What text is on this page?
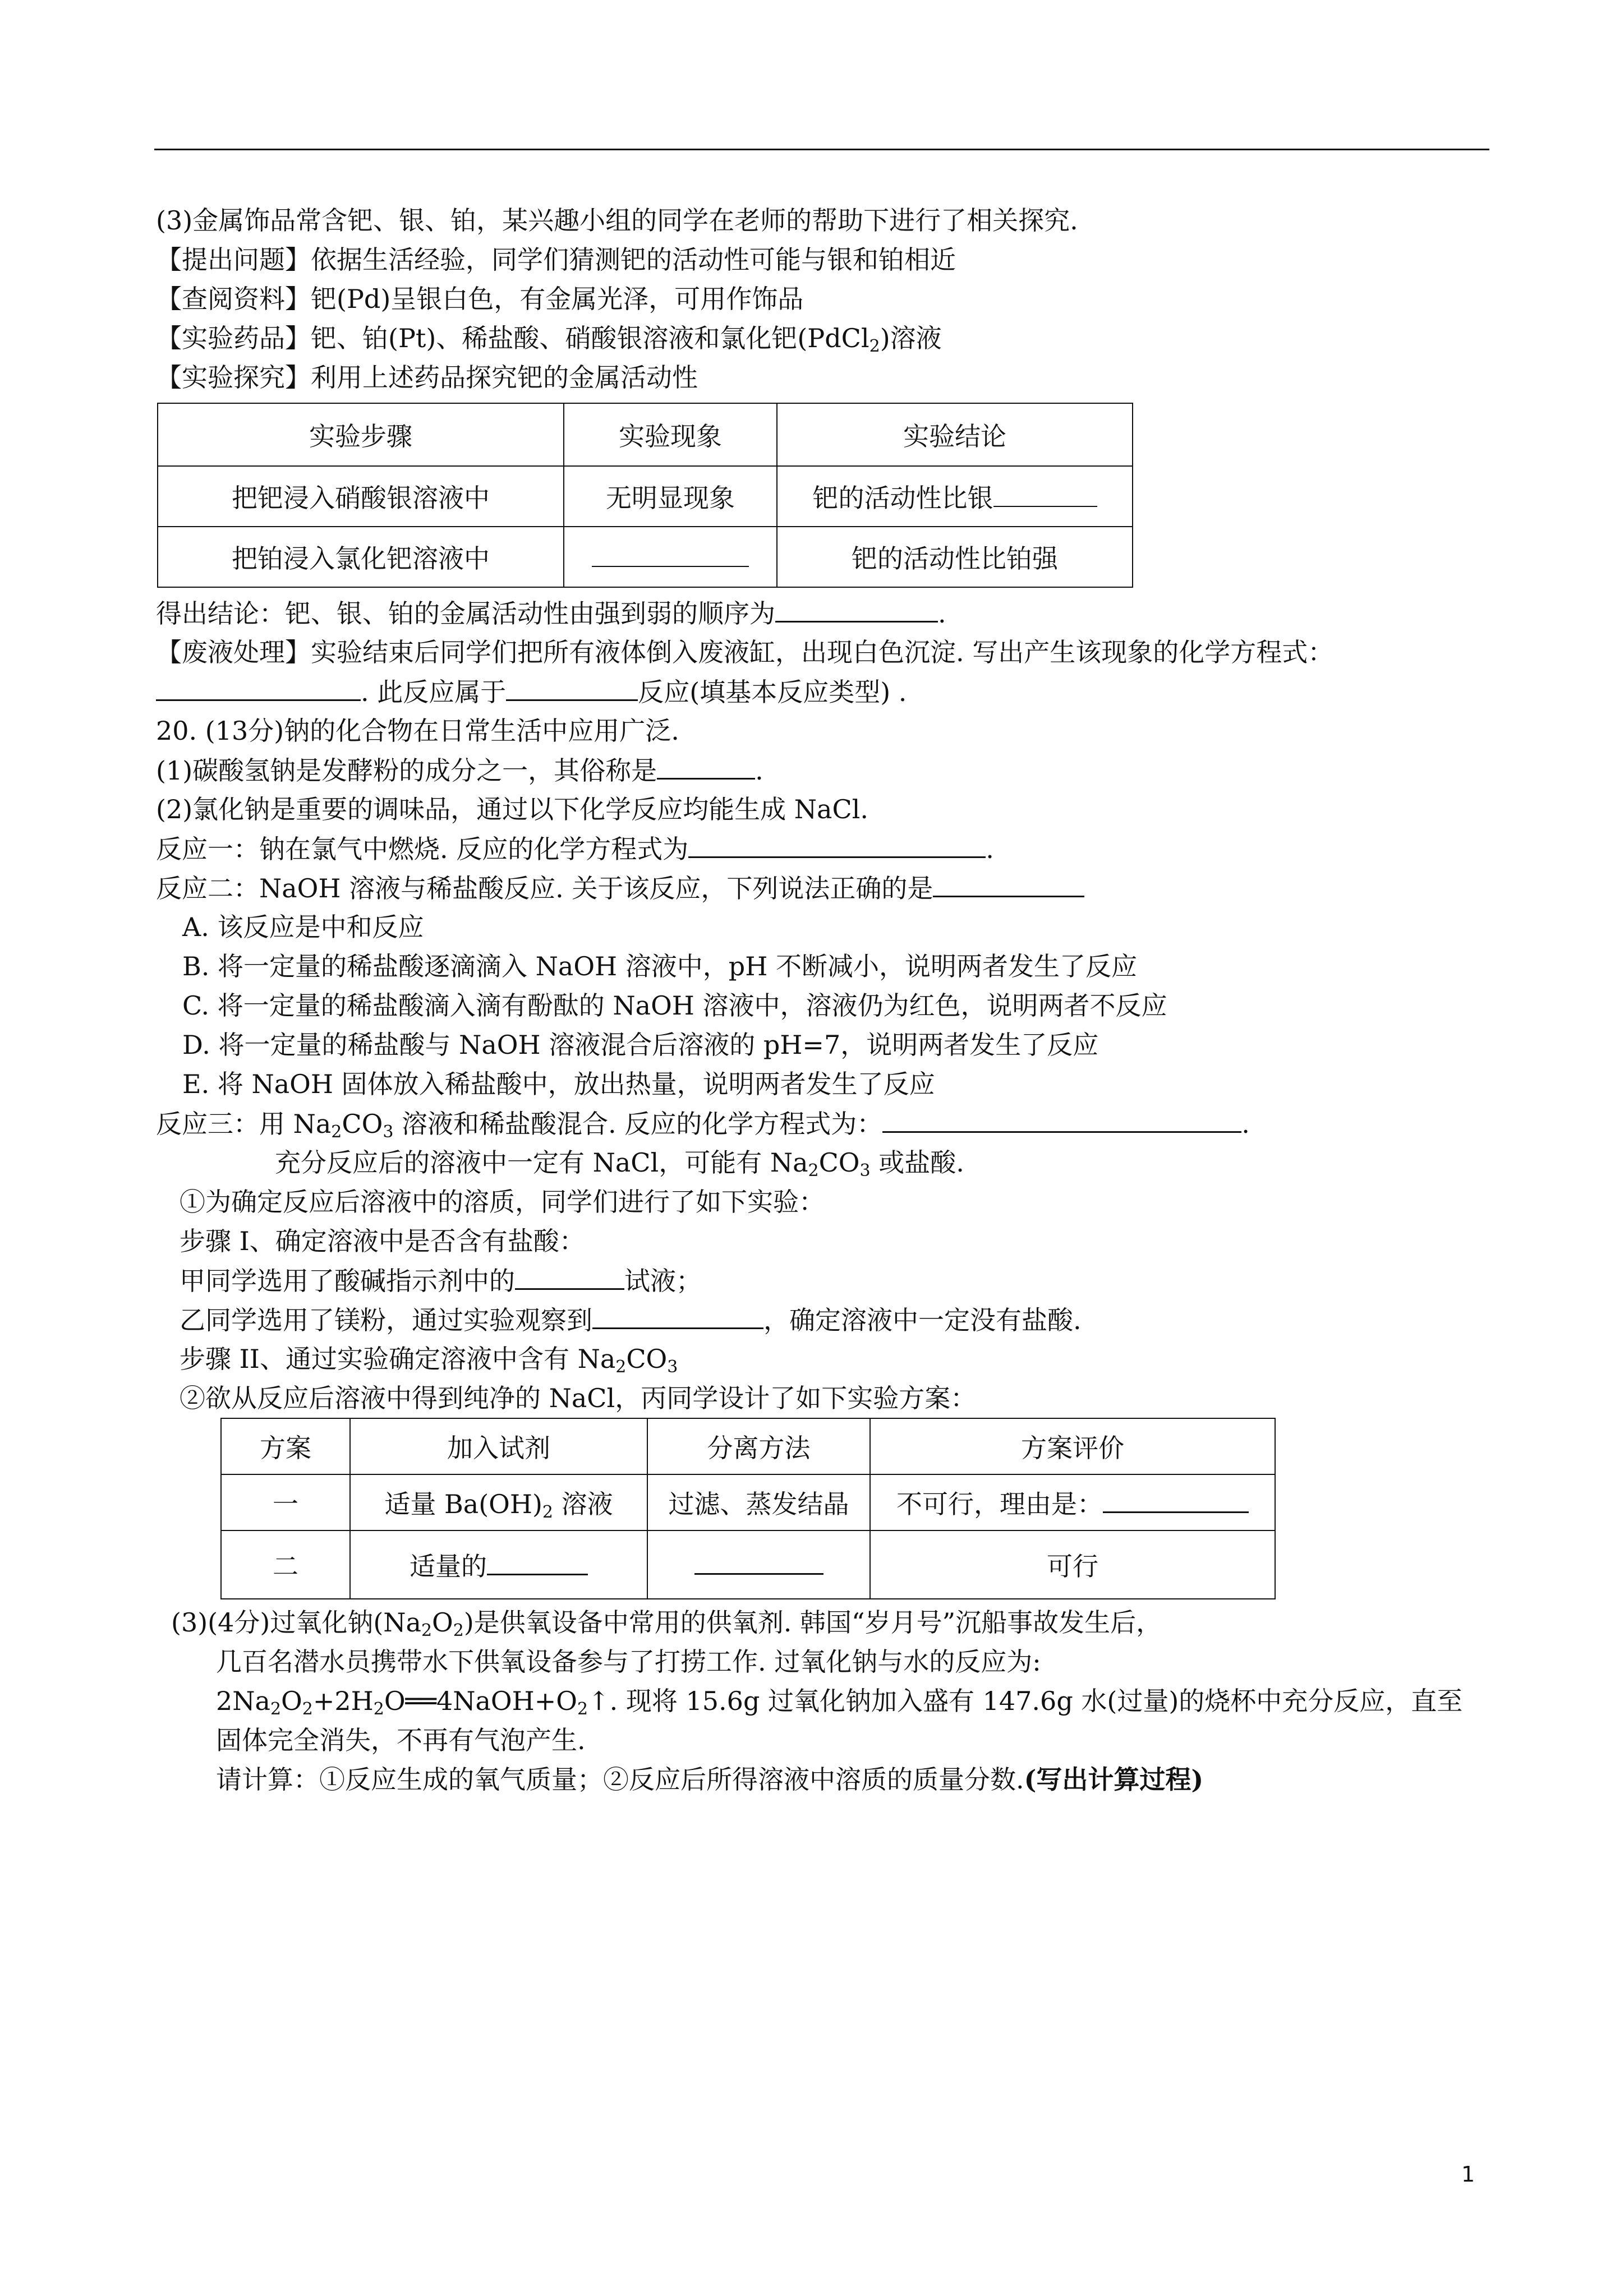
(3)金属饰品常含钯、银、铂，某兴趣小组的同学在老师的帮助下进行了相关探究.
【提出问题】依据生活经验，同学们猜测钯的活动性可能与银和铂相近
【查阅资料】钯(Pd)呈银白色，有金属光泽，可用作饰品
【实验药品】钯、铂(Pt)、稀盐酸、硝酸银溶液和氯化钯(PdCl$_2$)溶液
【实验探究】利用上述药品探究钯的金属活动性
实验步骤	实验现象	实验结论
把钯浸入硝酸银溶液中	无明显现象	钯的活动性比银
把铂浸入氯化钯溶液中		钯的活动性比铂强
得出结论：钯、银、铂的金属活动性由强到弱的顺序为	.
【废液处理】实验结束后同学们把所有液体倒入废液缸，出现白色沉淀. 写出产生该现象的化学方程式：
. 此反应属于	反应(填基本反应类型) .
20. (13分)钠的化合物在日常生活中应用广泛.
(1)碳酸氢钠是发酵粉的成分之一，其俗称是	.
(2)氯化钠是重要的调味品，通过以下化学反应均能生成 NaCl.
反应一：钠在氯气中燃烧. 反应的化学方程式为	.
反应二：NaOH 溶液与稀盐酸反应. 关于该反应，下列说法正确的是
A. 该反应是中和反应
B. 将一定量的稀盐酸逐滴滴入 NaOH 溶液中，pH 不断减小，说明两者发生了反应
C. 将一定量的稀盐酸滴入滴有酚酞的 NaOH 溶液中，溶液仍为红色，说明两者不反应
D. 将一定量的稀盐酸与 NaOH 溶液混合后溶液的 pH=7，说明两者发生了反应
E. 将 NaOH 固体放入稀盐酸中，放出热量，说明两者发生了反应
反应三：用 $Na_2CO_3$ 溶液和稀盐酸混合. 反应的化学方程式为：	.
充分反应后的溶液中一定有 NaCl，可能有 $Na_2CO_3$ 或盐酸.
①为确定反应后溶液中的溶质，同学们进行了如下实验：
步骤 I、确定溶液中是否含有盐酸：
甲同学选用了酸碱指示剂中的	试液；
乙同学选用了镁粉，通过实验观察到	，确定溶液中一定没有盐酸.
步骤 II、通过实验确定溶液中含有 $Na_2CO_3$
②欲从反应后溶液中得到纯净的 NaCl，丙同学设计了如下实验方案：
方案	加入试剂	分离方法	方案评价
一	适量 $Ba(OH)_2$ 溶液	过滤、蒸发结晶	不可行，理由是：
二	适量的		可行
(3)(4分)过氧化钠$(Na_2O_2)$是供氧设备中常用的供氧剂. 韩国“岁月号”沉船事故发生后，
几百名潜水员携带水下供氧设备参与了打捞工作. 过氧化钠与水的反应为:
$2Na_2O_2+2H_2O══4NaOH+O_2↑$. 现将 15.6g 过氧化钠加入盛有 147.6g 水(过量)的烧杯中充分反应，直至
固体完全消失，不再有气泡产生.
请计算：①反应生成的氧气质量；②反应后所得溶液中溶质的质量分数.(写出计算过程)
1
